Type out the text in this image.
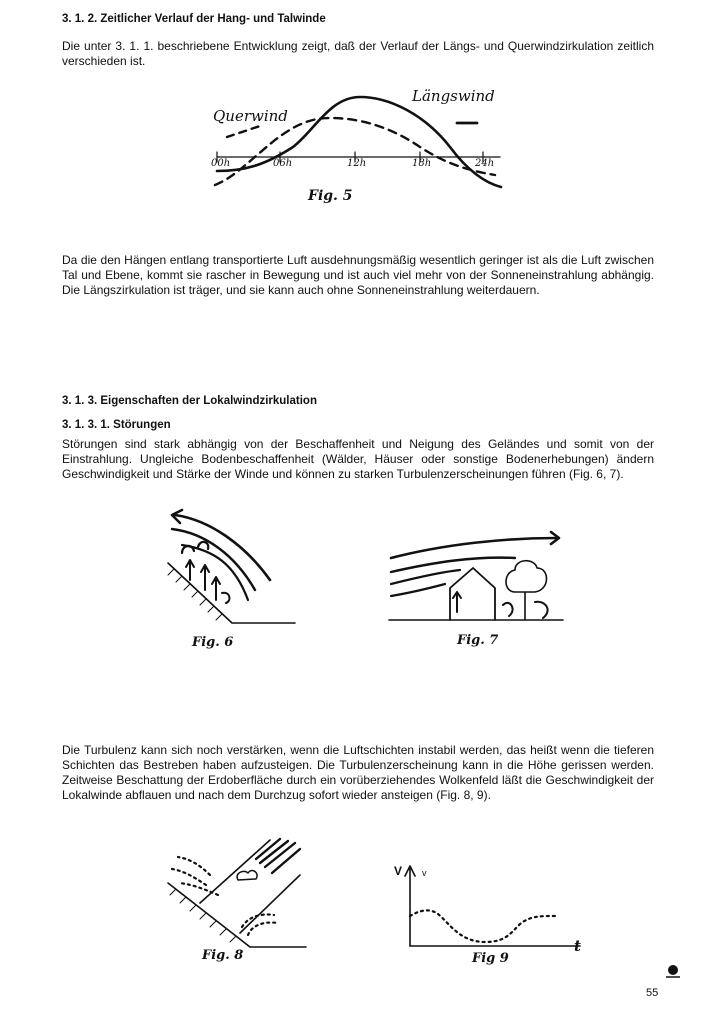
3. 1. 2. Zeitlicher Verlauf der Hang- und Talwinde

Die unter 3. 1. 1. beschriebene Entwicklung zeigt, daß der Verlauf der Längs- und Querwindzirkulation zeitlich verschieden ist.

Querwind
Längswind
00h	06h	12h	18h	24h
Fig. 5

Da die den Hängen entlang transportierte Luft ausdehnungsmäßig wesentlich geringer ist als die Luft zwischen Tal und Ebene, kommt sie rascher in Bewegung und ist auch viel mehr von der Sonneneinstrahlung abhängig. Die Längszirkulation ist träger, und sie kann auch ohne Sonneneinstrahlung weiterdauern.

3. 1. 3. Eigenschaften der Lokalwindzirkulation
3. 1. 3. 1. Störungen

Störungen sind stark abhängig von der Beschaffenheit und Neigung des Geländes und somit von der Einstrahlung. Ungleiche Bodenbeschaffenheit (Wälder, Häuser oder sonstige Bodenerhebungen) ändern Geschwindigkeit und Stärke der Winde und können zu starken Turbulenzerscheinungen führen (Fig. 6, 7).

Fig. 6	Fig. 7

Die Turbulenz kann sich noch verstärken, wenn die Luftschichten instabil werden, das heißt wenn die tieferen Schichten das Bestreben haben aufzusteigen. Die Turbulenzerscheinung kann in die Höhe gerissen werden. Zeitweise Beschattung der Erdoberfläche durch ein vorüberziehendes Wolkenfeld läßt die Geschwindigkeit der Lokalwinde abflauen und nach dem Durchzug sofort wieder ansteigen (Fig. 8, 9).

Fig. 8
V v
t
Fig 9
55
